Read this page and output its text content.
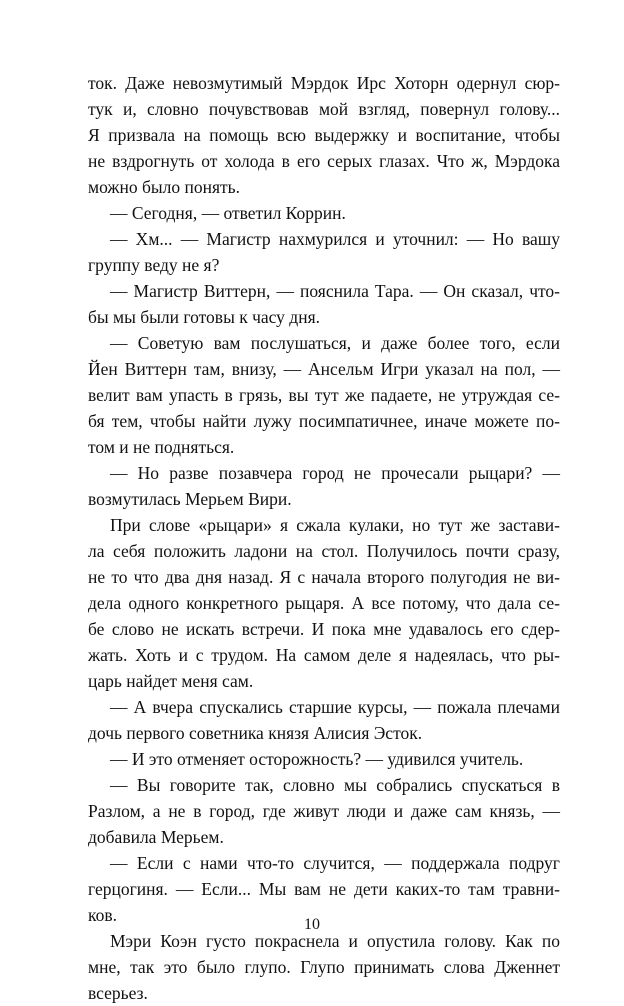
ток. Даже невозмутимый Мэрдок Ирс Хоторн одернул сюр-
тук и, словно почувствовав мой взгляд, повернул голову...
Я призвала на помощь всю выдержку и воспитание, чтобы
не вздрогнуть от холода в его серых глазах. Что ж, Мэрдока
можно было понять.
— Сегодня, — ответил Коррин.
— Хм... — Магистр нахмурился и уточнил: — Но вашу
группу веду не я?
— Магистр Виттерн, — пояснила Тара. — Он сказал, что-
бы мы были готовы к часу дня.
— Советую вам послушаться, и даже более того, если
Йен Виттерн там, внизу, — Ансельм Игри указал на пол, —
велит вам упасть в грязь, вы тут же падаете, не утруждая се-
бя тем, чтобы найти лужу посимпатичнее, иначе можете по-
том и не подняться.
— Но разве позавчера город не прочесали рыцари? —
возмутилась Мерьем Вири.
При слове «рыцари» я сжала кулаки, но тут же застави-
ла себя положить ладони на стол. Получилось почти сразу,
не то что два дня назад. Я с начала второго полугодия не ви-
дела одного конкретного рыцаря. А все потому, что дала се-
бе слово не искать встречи. И пока мне удавалось его сдер-
жать. Хоть и с трудом. На самом деле я надеялась, что ры-
царь найдет меня сам.
— А вчера спускались старшие курсы, — пожала плечами
дочь первого советника князя Алисия Эсток.
— И это отменяет осторожность? — удивился учитель.
— Вы говорите так, словно мы собрались спускаться в
Разлом, а не в город, где живут люди и даже сам князь, —
добавила Мерьем.
— Если с нами что-то случится, — поддержала подруг
герцогиня. — Если... Мы вам не дети каких-то там травни-
ков.
Мэри Коэн густо покраснела и опустила голову. Как по
мне, так это было глупо. Глупо принимать слова Дженнет
всерьез.
10
